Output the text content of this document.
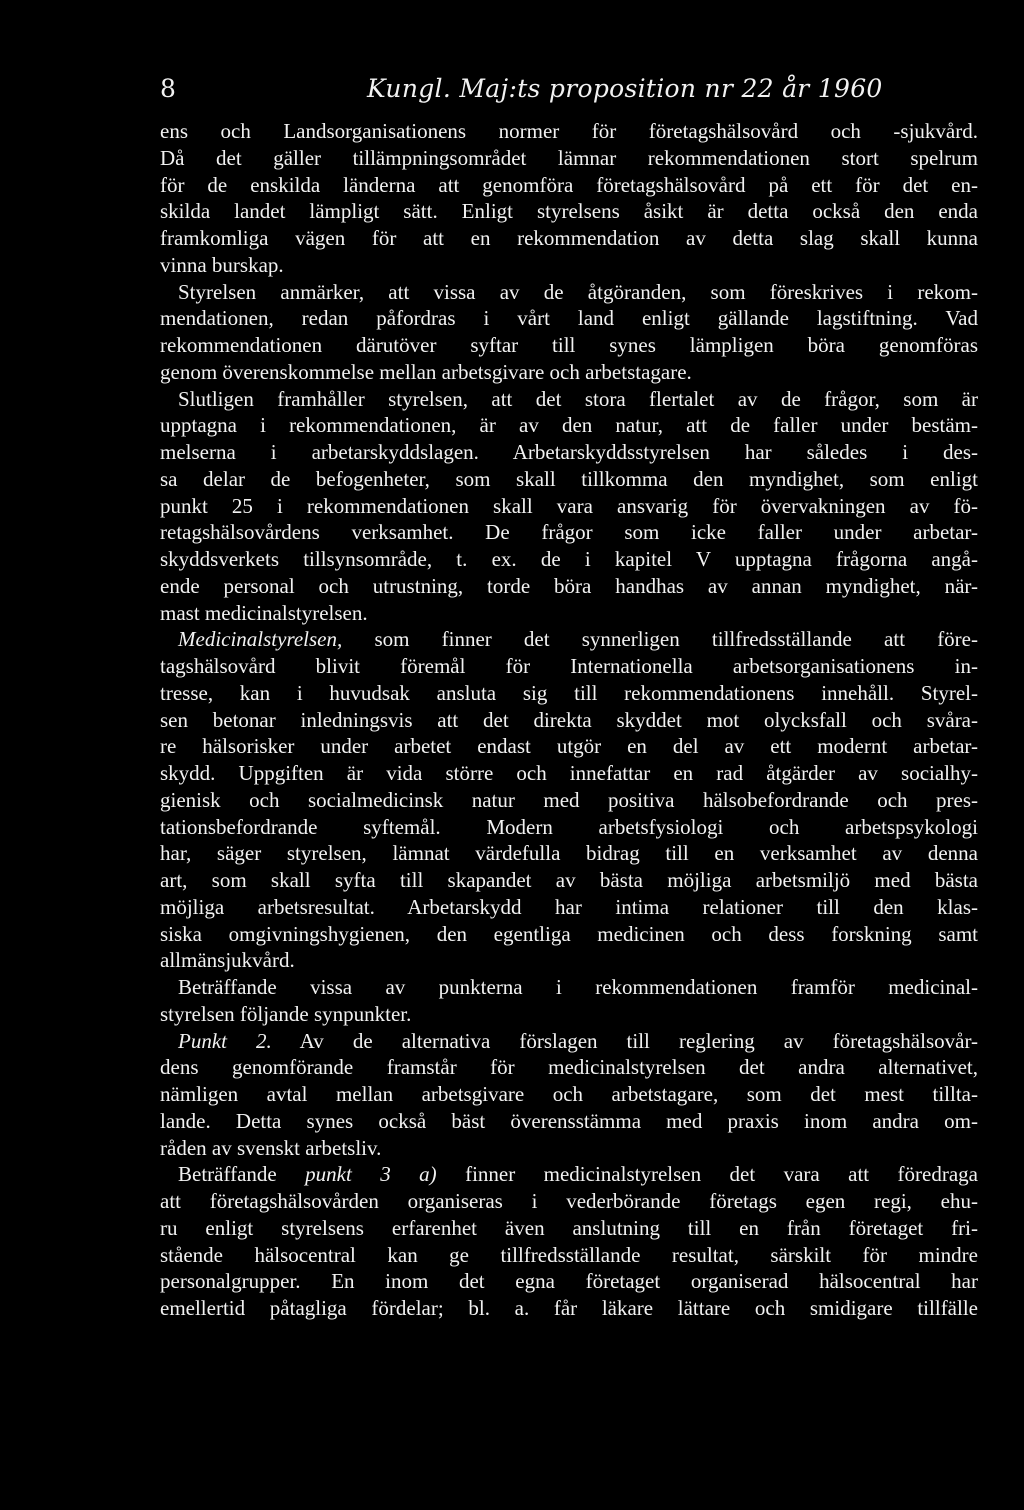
8	Kungl. Maj:ts proposition nr 22 år 1960
ens och Landsorganisationens normer för företagshälsovård och -sjukvård.
Då det gäller tillämpningsområdet lämnar rekommendationen stort spelrum
för de enskilda länderna att genomföra företagshälsovård på ett för det en-
skilda landet lämpligt sätt. Enligt styrelsens åsikt är detta också den enda
framkomliga vägen för att en rekommendation av detta slag skall kunna
vinna burskap.
Styrelsen anmärker, att vissa av de åtgöranden, som föreskrives i rekom-
mendationen, redan påfordras i vårt land enligt gällande lagstiftning. Vad
rekommendationen därutöver syftar till synes lämpligen böra genomföras
genom överenskommelse mellan arbetsgivare och arbetstagare.
Slutligen framhåller styrelsen, att det stora flertalet av de frågor, som är
upptagna i rekommendationen, är av den natur, att de faller under bestäm-
melserna i arbetarskyddslagen. Arbetarskyddsstyrelsen har således i des-
sa delar de befogenheter, som skall tillkomma den myndighet, som enligt
punkt 25 i rekommendationen skall vara ansvarig för övervakningen av fö-
retagshälsovårdens verksamhet. De frågor som icke faller under arbetar-
skyddsverkets tillsynsområde, t. ex. de i kapitel V upptagna frågorna angå-
ende personal och utrustning, torde böra handhas av annan myndighet, när-
mast medicinalstyrelsen.
Medicinalstyrelsen, som finner det synnerligen tillfredsställande att före-
tagshälsovård blivit föremål för Internationella arbetsorganisationens in-
tresse, kan i huvudsak ansluta sig till rekommendationens innehåll. Styrel-
sen betonar inledningsvis att det direkta skyddet mot olycksfall och svåra-
re hälsorisker under arbetet endast utgör en del av ett modernt arbetar-
skydd. Uppgiften är vida större och innefattar en rad åtgärder av socialhy-
gienisk och socialmedicinsk natur med positiva hälsobefordrande och pres-
tationsbefordrande syftemål. Modern arbetsfysiologi och arbetspsykologi
har, säger styrelsen, lämnat värdefulla bidrag till en verksamhet av denna
art, som skall syfta till skapandet av bästa möjliga arbetsmiljö med bästa
möjliga arbetsresultat. Arbetarskydd har intima relationer till den klas-
siska omgivningshygienen, den egentliga medicinen och dess forskning samt
allmänsjukvård.
Beträffande vissa av punkterna i rekommendationen framför medicinal-
styrelsen följande synpunkter.
Punkt 2. Av de alternativa förslagen till reglering av företagshälsovår-
dens genomförande framstår för medicinalstyrelsen det andra alternativet,
nämligen avtal mellan arbetsgivare och arbetstagare, som det mest tillta-
lande. Detta synes också bäst överensstämma med praxis inom andra om-
råden av svenskt arbetsliv.
Beträffande punkt 3 a) finner medicinalstyrelsen det vara att föredraga
att företagshälsovården organiseras i vederbörande företags egen regi, ehu-
ru enligt styrelsens erfarenhet även anslutning till en från företaget fri-
stående hälsocentral kan ge tillfredsställande resultat, särskilt för mindre
personalgrupper. En inom det egna företaget organiserad hälsocentral har
emellertid påtagliga fördelar; bl. a. får läkare lättare och smidigare tillfälle
